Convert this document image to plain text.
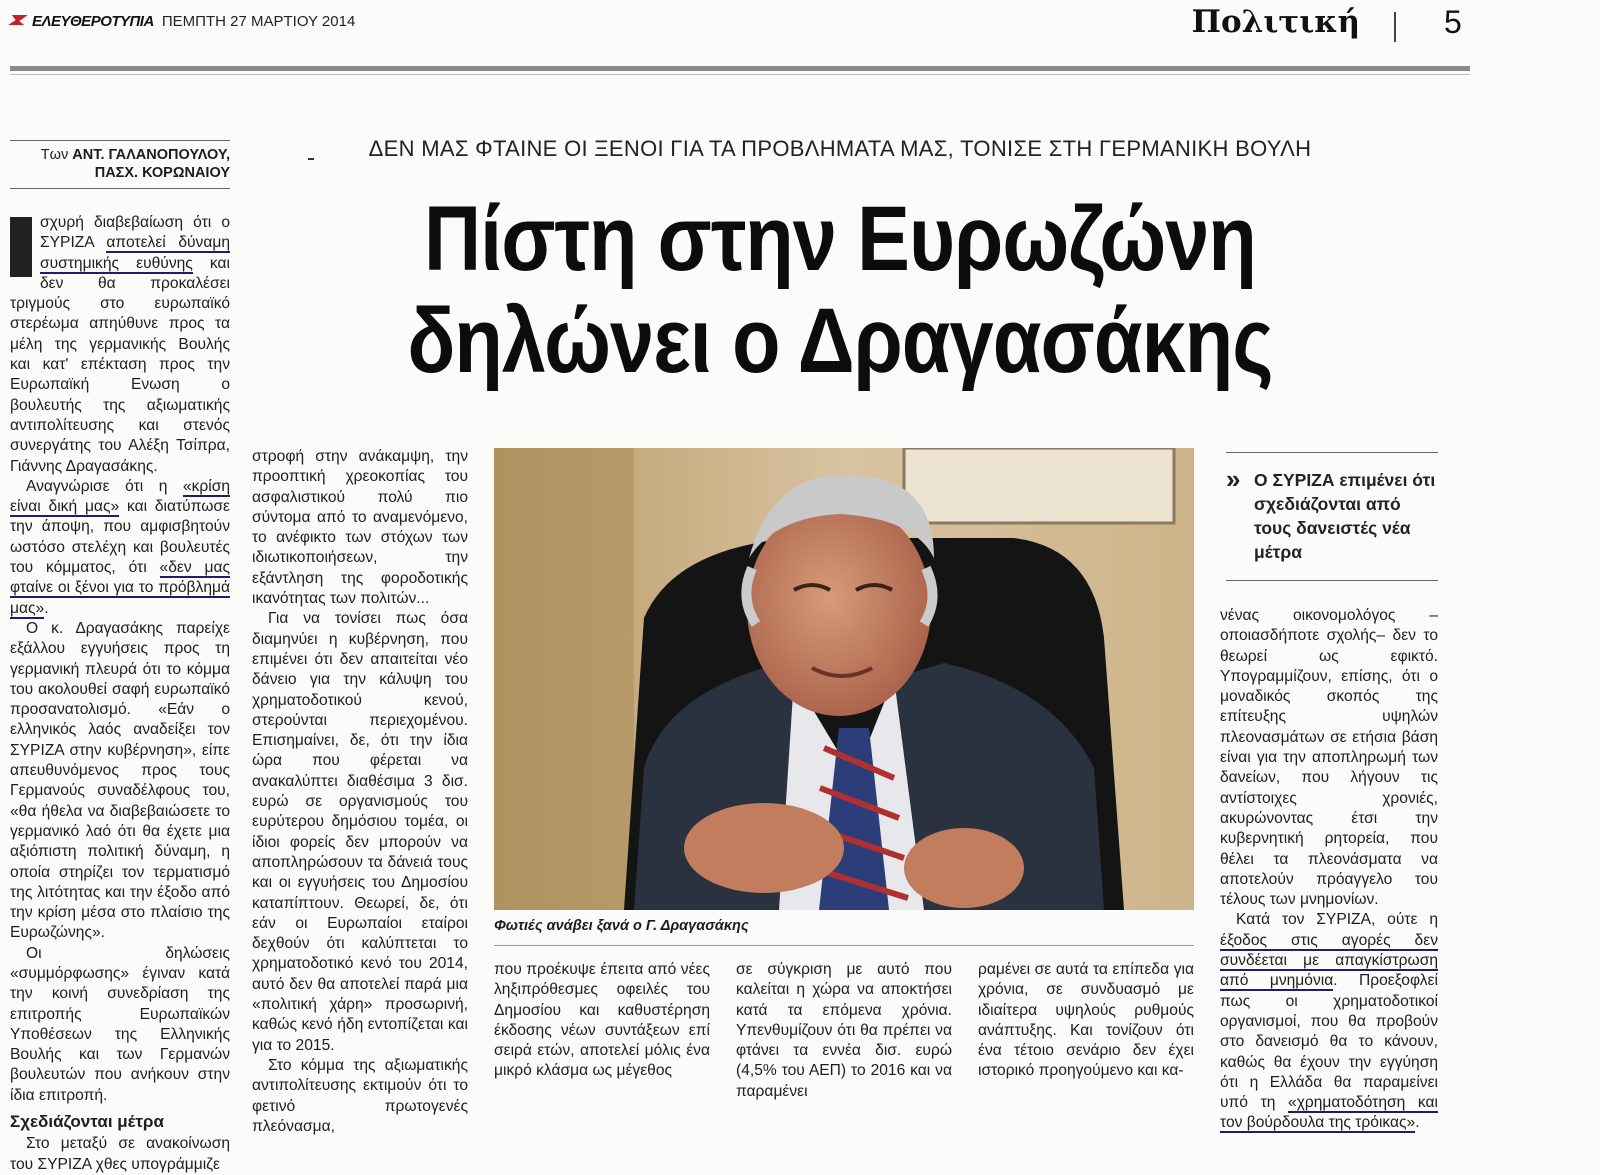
ΕΛΕΥΘΕΡΟΤΥΠΙΑ ΠΕΜΠΤΗ 27 ΜΑΡΤΙΟΥ 2014	Πολιτική	5
Των ΑΝΤ. ΓΑΛΑΝΟΠΟΥΛΟΥ,
ΠΑΣΧ. ΚΟΡΩΝΑΙΟΥ
ΔΕΝ ΜΑΣ ΦΤΑΙΝΕ ΟΙ ΞΕΝΟΙ ΓΙΑ ΤΑ ΠΡΟΒΛΗΜΑΤΑ ΜΑΣ, ΤΟΝΙΣΕ ΣΤΗ ΓΕΡΜΑΝΙΚΗ ΒΟΥΛΗ
Πίστη στην Ευρωζώνη
δηλώνει ο Δραγασάκης

σχυρή διαβεβαίωση ότι ο ΣΥΡΙΖΑ αποτελεί δύναμη συστημικής ευθύνης και δεν θα προκαλέσει τριγμούς στο ευρωπαϊκό στερέωμα απηύθυνε προς τα μέλη της γερμανικής Βουλής και κατ' επέκταση προς την Ευρωπαϊκή Ενωση ο βουλευτής της αξιωματικής αντιπολίτευσης και στενός συνεργάτης του Αλέξη Τσίπρα, Γιάννης Δραγασάκης.

Αναγνώρισε ότι η «κρίση είναι δική μας» και διατύπωσε την άποψη, που αμφισβητούν ωστόσο στελέχη και βουλευτές του κόμματος, ότι «δεν μας φταίνε οι ξένοι για το πρόβλημά μας».

Ο κ. Δραγασάκης παρείχε εξάλλου εγγυήσεις προς τη γερμανική πλευρά ότι το κόμμα του ακολουθεί σαφή ευρωπαϊκό προσανατολισμό. «Εάν ο ελληνικός λαός αναδείξει τον ΣΥΡΙΖΑ στην κυβέρνηση», είπε απευθυνόμενος προς τους Γερμανούς συναδέλφους του, «θα ήθελα να διαβεβαιώσετε το γερμανικό λαό ότι θα έχετε μια αξιόπιστη πολιτική δύναμη, η οποία στηρίζει τον τερματισμό της λιτότητας και την έξοδο από την κρίση μέσα στο πλαίσιο της Ευρωζώνης».

Οι δηλώσεις «συμμόρφωσης» έγιναν κατά την κοινή συνεδρίαση της επιτροπής Ευρωπαϊκών Υποθέσεων της Ελληνικής Βουλής και των Γερμανών βουλευτών που ανήκουν στην ίδια επιτροπή.

Σχεδιάζονται μέτρα

Στο μεταξύ σε ανακοίνωση του ΣΥΡΙΖΑ χθες υπογράμμιζε

στροφή στην ανάκαμψη, την προοπτική χρεοκοπίας του ασφαλιστικού πολύ πιο σύντομα από το αναμενόμενο, το ανέφικτο των στόχων των ιδιωτικοποιήσεων, την εξάντληση της φοροδοτικής ικανότητας των πολιτών...

Για να τονίσει πως όσα διαμηνύει η κυβέρνηση, που επιμένει ότι δεν απαιτείται νέο δάνειο για την κάλυψη του χρηματοδοτικού κενού, στερούνται περιεχομένου. Επισημαίνει, δε, ότι την ίδια ώρα που φέρεται να ανακαλύπτει διαθέσιμα 3 δισ. ευρώ σε οργανισμούς του ευρύτερου δημόσιου τομέα, οι ίδιοι φορείς δεν μπορούν να αποπληρώσουν τα δάνειά τους και οι εγγυήσεις του Δημοσίου καταπίπτουν. Θεωρεί, δε, ότι εάν οι Ευρωπαίοι εταίροι δεχθούν ότι καλύπτεται το χρηματοδοτικό κενό του 2014, αυτό δεν θα αποτελεί παρά μια «πολιτική χάρη» προσωρινή, καθώς κενό ήδη εντοπίζεται και για το 2015.

Στο κόμμα της αξιωματικής αντιπολίτευσης εκτιμούν ότι το φετινό πρωτογενές πλεόνασμα,

Φωτιές ανάβει ξανά ο Γ. Δραγασάκης

που προέκυψε έπειτα από νέες ληξιπρόθεσμες οφειλές του Δημοσίου και καθυστέρηση έκδοσης νέων συντάξεων επί σειρά ετών, αποτελεί μόλις ένα μικρό κλάσμα ως μέγεθος

σε σύγκριση με αυτό που καλείται η χώρα να αποκτήσει κατά τα επόμενα χρόνια. Υπενθυμίζουν ότι θα πρέπει να φτάνει τα εννέα δισ. ευρώ (4,5% του ΑΕΠ) το 2016 και να παραμένει

ραμένει σε αυτά τα επίπεδα για χρόνια, σε συνδυασμό με ιδιαίτερα υψηλούς ρυθμούς ανάπτυξης. Και τονίζουν ότι ένα τέτοιο σενάριο δεν έχει ιστορικό προηγούμενο και κα-

» Ο ΣΥΡΙΖΑ επιμένει ότι σχεδιάζονται από τους δανειστές νέα μέτρα

νένας οικονομολόγος –οποιασδήποτε σχολής– δεν το θεωρεί ως εφικτό. Υπογραμμίζουν, επίσης, ότι ο μοναδικός σκοπός της επίτευξης υψηλών πλεονασμάτων σε ετήσια βάση είναι για την αποπληρωμή των δανείων, που λήγουν τις αντίστοιχες χρονιές, ακυρώνοντας έτσι την κυβερνητική ρητορεία, που θέλει τα πλεονάσματα να αποτελούν πρόαγγελο του τέλους των μνημονίων.

Κατά τον ΣΥΡΙΖΑ, ούτε η έξοδος στις αγορές δεν συνδέεται με απαγκίστρωση από μνημόνια. Προεξοφλεί πως οι χρηματοδοτικοί οργανισμοί, που θα προβούν στο δανεισμό θα το κάνουν, καθώς θα έχουν την εγγύηση ότι η Ελλάδα θα παραμείνει υπό τη «χρηματοδότηση και τον βούρδουλα της τρόικας».
